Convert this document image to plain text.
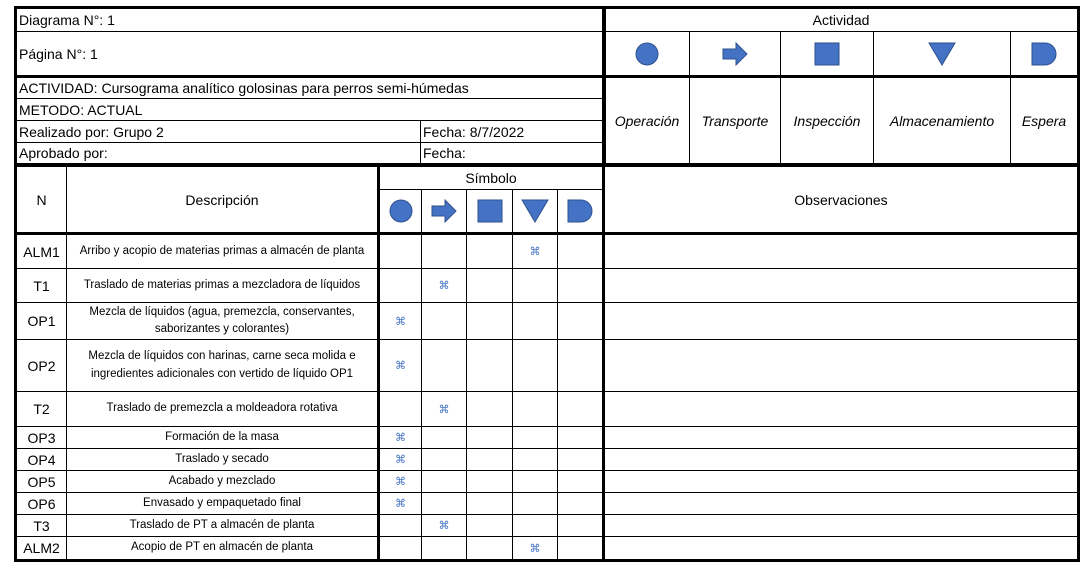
Diagrama N°: 1	
Página N°: 1	
ACTIVIDAD: Cursograma analítico golosinas para perros semi-húmedas	
METODO: ACTUAL	
Realizado por: Grupo 2	Fecha: 8/7/2022
Aprobado por:	Fecha:
Actividad				

Operación	Transporte	Inspección	Almacenamiento	Espera
N	Descripción	Símbolo					Observaciones

ALM1	Arribo y acopio de materias primas a almacén de planta				⌘		
T1	Traslado de materias primas a mezcladora de líquidos		⌘				
OP1	Mezcla de líquidos (agua, premezcla, conservantes, saborizantes y colorantes)	⌘					
OP2	Mezcla de líquidos con harinas, carne seca molida e ingredientes adicionales con vertido de líquido OP1	⌘					
T2	Traslado de premezcla a moldeadora rotativa		⌘				
OP3	Formación de la masa	⌘					
OP4	Traslado y secado	⌘					
OP5	Acabado y mezclado	⌘					
OP6	Envasado y empaquetado final	⌘					
T3	Traslado de PT a almacén de planta		⌘				
ALM2	Acopio de PT en almacén de planta				⌘		
